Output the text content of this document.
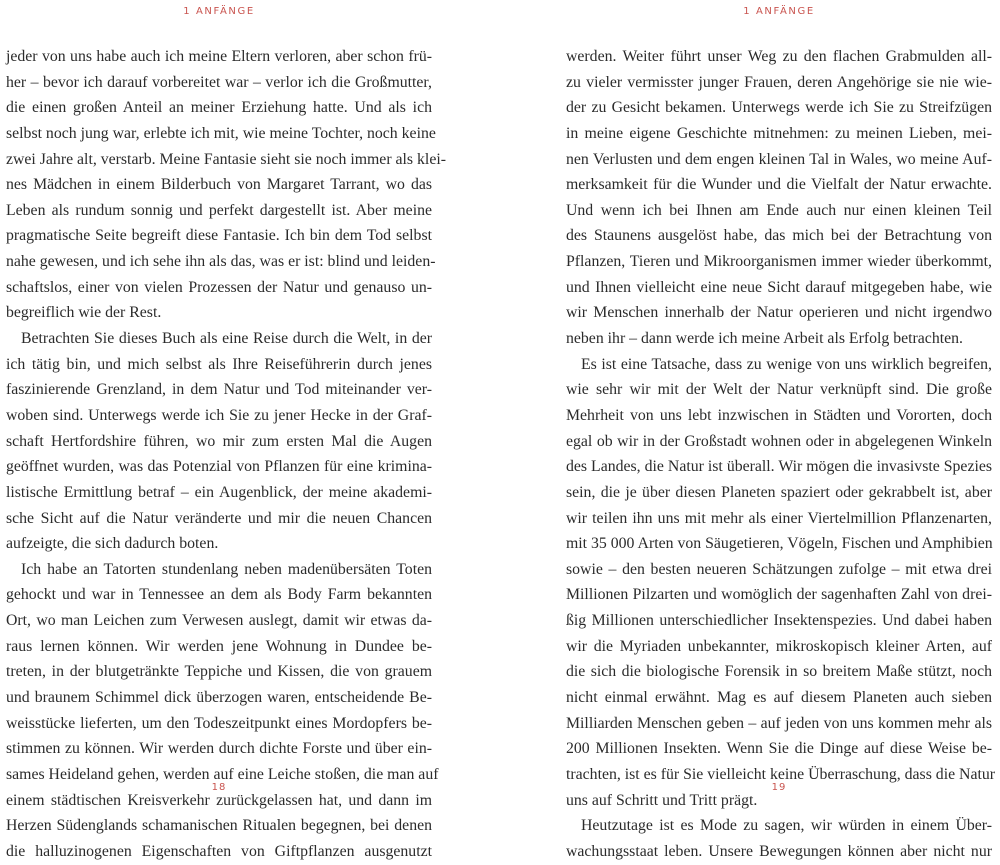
1 ANFÄNGE
jeder von uns habe auch ich meine Eltern verloren, aber schon frü-
her – bevor ich darauf vorbereitet war – verlor ich die Großmutter,
die einen großen Anteil an meiner Erziehung hatte. Und als ich
selbst noch jung war, erlebte ich mit, wie meine Tochter, noch keine
zwei Jahre alt, verstarb. Meine Fantasie sieht sie noch immer als klei-
nes Mädchen in einem Bilderbuch von Margaret Tarrant, wo das
Leben als rundum sonnig und perfekt dargestellt ist. Aber meine
pragmatische Seite begreift diese Fantasie. Ich bin dem Tod selbst
nahe gewesen, und ich sehe ihn als das, was er ist: blind und leiden-
schaftslos, einer von vielen Prozessen der Natur und genauso un-
begreiflich wie der Rest.
Betrachten Sie dieses Buch als eine Reise durch die Welt, in der
ich tätig bin, und mich selbst als Ihre Reiseführerin durch jenes
faszinierende Grenzland, in dem Natur und Tod miteinander ver-
woben sind. Unterwegs werde ich Sie zu jener Hecke in der Graf-
schaft Hertfordshire führen, wo mir zum ersten Mal die Augen
geöffnet wurden, was das Potenzial von Pflanzen für eine krimina-
listische Ermittlung betraf – ein Augenblick, der meine akademi-
sche Sicht auf die Natur veränderte und mir die neuen Chancen
aufzeigte, die sich dadurch boten.
Ich habe an Tatorten stundenlang neben madenübersäten Toten
gehockt und war in Tennessee an dem als Body Farm bekannten
Ort, wo man Leichen zum Verwesen auslegt, damit wir etwas da-
raus lernen können. Wir werden jene Wohnung in Dundee be-
treten, in der blutgetränkte Teppiche und Kissen, die von grauem
und braunem Schimmel dick überzogen waren, entscheidende Be-
weisstücke lieferten, um den Todeszeitpunkt eines Mordopfers be-
stimmen zu können. Wir werden durch dichte Forste und über ein-
sames Heideland gehen, werden auf eine Leiche stoßen, die man auf
einem städtischen Kreisverkehr zurückgelassen hat, und dann im
Herzen Südenglands schamanischen Ritualen begegnen, bei denen
die halluzinogenen Eigenschaften von Giftpflanzen ausgenutzt
18
1 ANFÄNGE
werden. Weiter führt unser Weg zu den flachen Grabmulden all-
zu vieler vermisster junger Frauen, deren Angehörige sie nie wie-
der zu Gesicht bekamen. Unterwegs werde ich Sie zu Streifzügen
in meine eigene Geschichte mitnehmen: zu meinen Lieben, mei-
nen Verlusten und dem engen kleinen Tal in Wales, wo meine Auf-
merksamkeit für die Wunder und die Vielfalt der Natur erwachte.
Und wenn ich bei Ihnen am Ende auch nur einen kleinen Teil
des Staunens ausgelöst habe, das mich bei der Betrachtung von
Pflanzen, Tieren und Mikroorganismen immer wieder überkommt,
und Ihnen vielleicht eine neue Sicht darauf mitgegeben habe, wie
wir Menschen innerhalb der Natur operieren und nicht irgendwo
neben ihr – dann werde ich meine Arbeit als Erfolg betrachten.
Es ist eine Tatsache, dass zu wenige von uns wirklich begreifen,
wie sehr wir mit der Welt der Natur verknüpft sind. Die große
Mehrheit von uns lebt inzwischen in Städten und Vororten, doch
egal ob wir in der Großstadt wohnen oder in abgelegenen Winkeln
des Landes, die Natur ist überall. Wir mögen die invasivste Spezies
sein, die je über diesen Planeten spaziert oder gekrabbelt ist, aber
wir teilen ihn uns mit mehr als einer Viertelmillion Pflanzenarten,
mit 35 000 Arten von Säugetieren, Vögeln, Fischen und Amphibien
sowie – den besten neueren Schätzungen zufolge – mit etwa drei
Millionen Pilzarten und womöglich der sagenhaften Zahl von drei-
ßig Millionen unterschiedlicher Insektenspezies. Und dabei haben
wir die Myriaden unbekannter, mikroskopisch kleiner Arten, auf
die sich die biologische Forensik in so breitem Maße stützt, noch
nicht einmal erwähnt. Mag es auf diesem Planeten auch sieben
Milliarden Menschen geben – auf jeden von uns kommen mehr als
200 Millionen Insekten. Wenn Sie die Dinge auf diese Weise be-
trachten, ist es für Sie vielleicht keine Überraschung, dass die Natur
uns auf Schritt und Tritt prägt.
Heutzutage ist es Mode zu sagen, wir würden in einem Über-
wachungsstaat leben. Unsere Bewegungen können aber nicht nur
19
